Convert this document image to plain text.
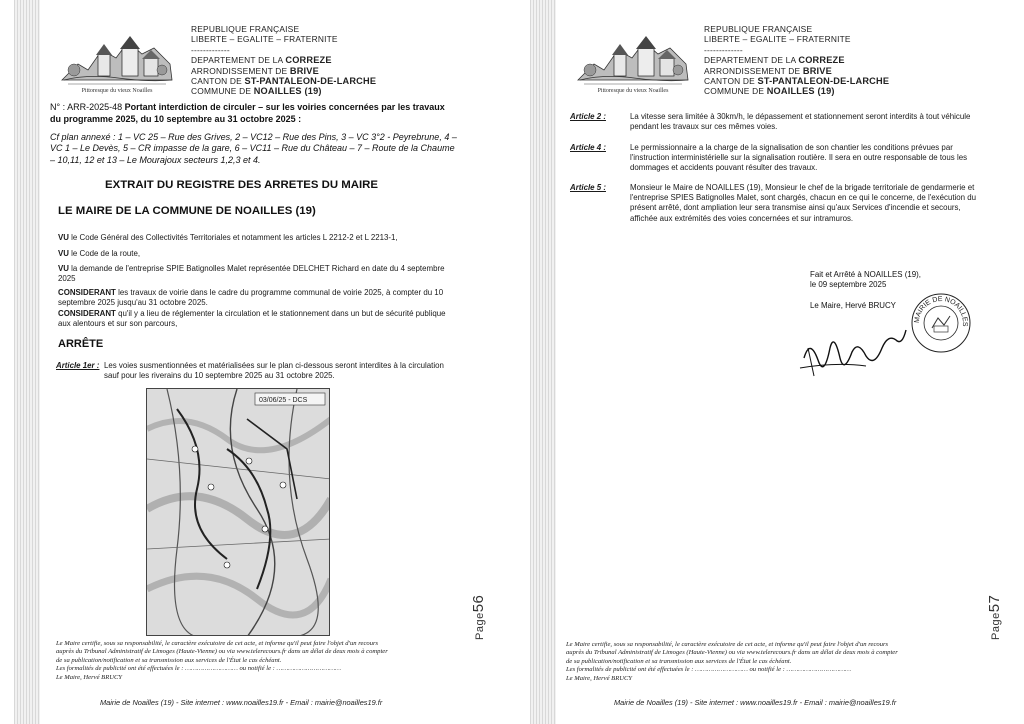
Pittoresque du vieux Noailles
REPUBLIQUE FRANÇAISE
LIBERTE – EGALITE – FRATERNITE
-------------
DEPARTEMENT DE LA CORREZE
ARRONDISSEMENT DE BRIVE
CANTON DE ST-PANTALEON-DE-LARCHE
COMMUNE DE NOAILLES (19)
N° : ARR-2025-48 Portant interdiction de circuler – sur les voiries concernées par les travaux du programme 2025, du 10 septembre au 31 octobre 2025 :
Cf plan annexé : 1 – VC 25 – Rue des Grives, 2 – VC12 – Rue des Pins, 3 – VC 3°2 - Peyrebrune, 4 – VC 1 – Le Devès, 5 – CR impasse de la gare, 6 – VC11 – Rue du Château – 7 – Route de la Chaume – 10,11, 12 et 13 – Le Mourajoux secteurs 1,2,3 et 4.
EXTRAIT DU REGISTRE DES ARRETES DU MAIRE
LE MAIRE DE LA COMMUNE DE NOAILLES (19)
VU le Code Général des Collectivités Territoriales et notamment les articles L 2212-2 et L 2213-1,
VU le Code de la route,
VU la demande de l'entreprise SPIE Batignolles Malet représentée DELCHET Richard en date du 4 septembre 2025
CONSIDERANT les travaux de voirie dans le cadre du programme communal de voirie 2025, à compter du 10 septembre 2025 jusqu'au 31 octobre 2025.
CONSIDERANT qu'il y a lieu de réglementer la circulation et le stationnement dans un but de sécurité publique aux alentours et sur son parcours,
ARRÊTE
Article 1er : Les voies susmentionnées et matérialisées sur le plan ci-dessous seront interdites à la circulation sauf pour les riverains du 10 septembre 2025 au 31 octobre 2025.
03/06/25 - DCS
Page56
Le Maire certifie, sous sa responsabilité, le caractère exécutoire de cet acte, et informe qu'il peut faire l'objet d'un recours
auprès du Tribunal Administratif de Limoges (Haute-Vienne) ou via www.telerecours.fr dans un délai de deux mois à compter
de sa publication/notification et sa transmission aux services de l'État le cas échéant.
Les formalités de publicité ont été effectuées le : ……………………… ou notifié le : ……………………………
Le Maire, Hervé BRUCY
Mairie de Noailles (19) - Site internet : www.noailles19.fr - Email : mairie@noailles19.fr
Pittoresque du vieux Noailles
REPUBLIQUE FRANÇAISE
LIBERTE – EGALITE – FRATERNITE
-------------
DEPARTEMENT DE LA CORREZE
ARRONDISSEMENT DE BRIVE
CANTON DE ST-PANTALEON-DE-LARCHE
COMMUNE DE NOAILLES (19)
Article 2 :	La vitesse sera limitée à 30km/h, le dépassement et stationnement seront interdits à tout véhicule pendant les travaux sur ces mêmes voies.
Article 4 :	Le permissionnaire a la charge de la signalisation de son chantier les conditions prévues par l'instruction interministérielle sur la signalisation routière. Il sera en outre responsable de tous les dommages et accidents pouvant résulter des travaux.
Article 5 :	Monsieur le Maire de NOAILLES (19), Monsieur le chef de la brigade territoriale de gendarmerie et l'entreprise SPIES Batignolles Malet, sont chargés, chacun en ce qui le concerne, de l'exécution du présent arrêté, dont ampliation leur sera transmise ainsi qu'aux Services d'incendie et secours, affichée aux extrémités des voies concernées et sur intramuros.
Fait et Arrêté à NOAILLES (19),
le 09 septembre 2025
Le Maire, Hervé BRUCY
MAIRIE DE NOAILLES
Page57
Le Maire certifie, sous sa responsabilité, le caractère exécutoire de cet acte, et informe qu'il peut faire l'objet d'un recours
auprès du Tribunal Administratif de Limoges (Haute-Vienne) ou via www.telerecours.fr dans un délai de deux mois à compter
de sa publication/notification et sa transmission aux services de l'État le cas échéant.
Les formalités de publicité ont été effectuées le : ……………………… ou notifié le : ……………………………
Le Maire, Hervé BRUCY
Mairie de Noailles (19) - Site internet : www.noailles19.fr - Email : mairie@noailles19.fr
